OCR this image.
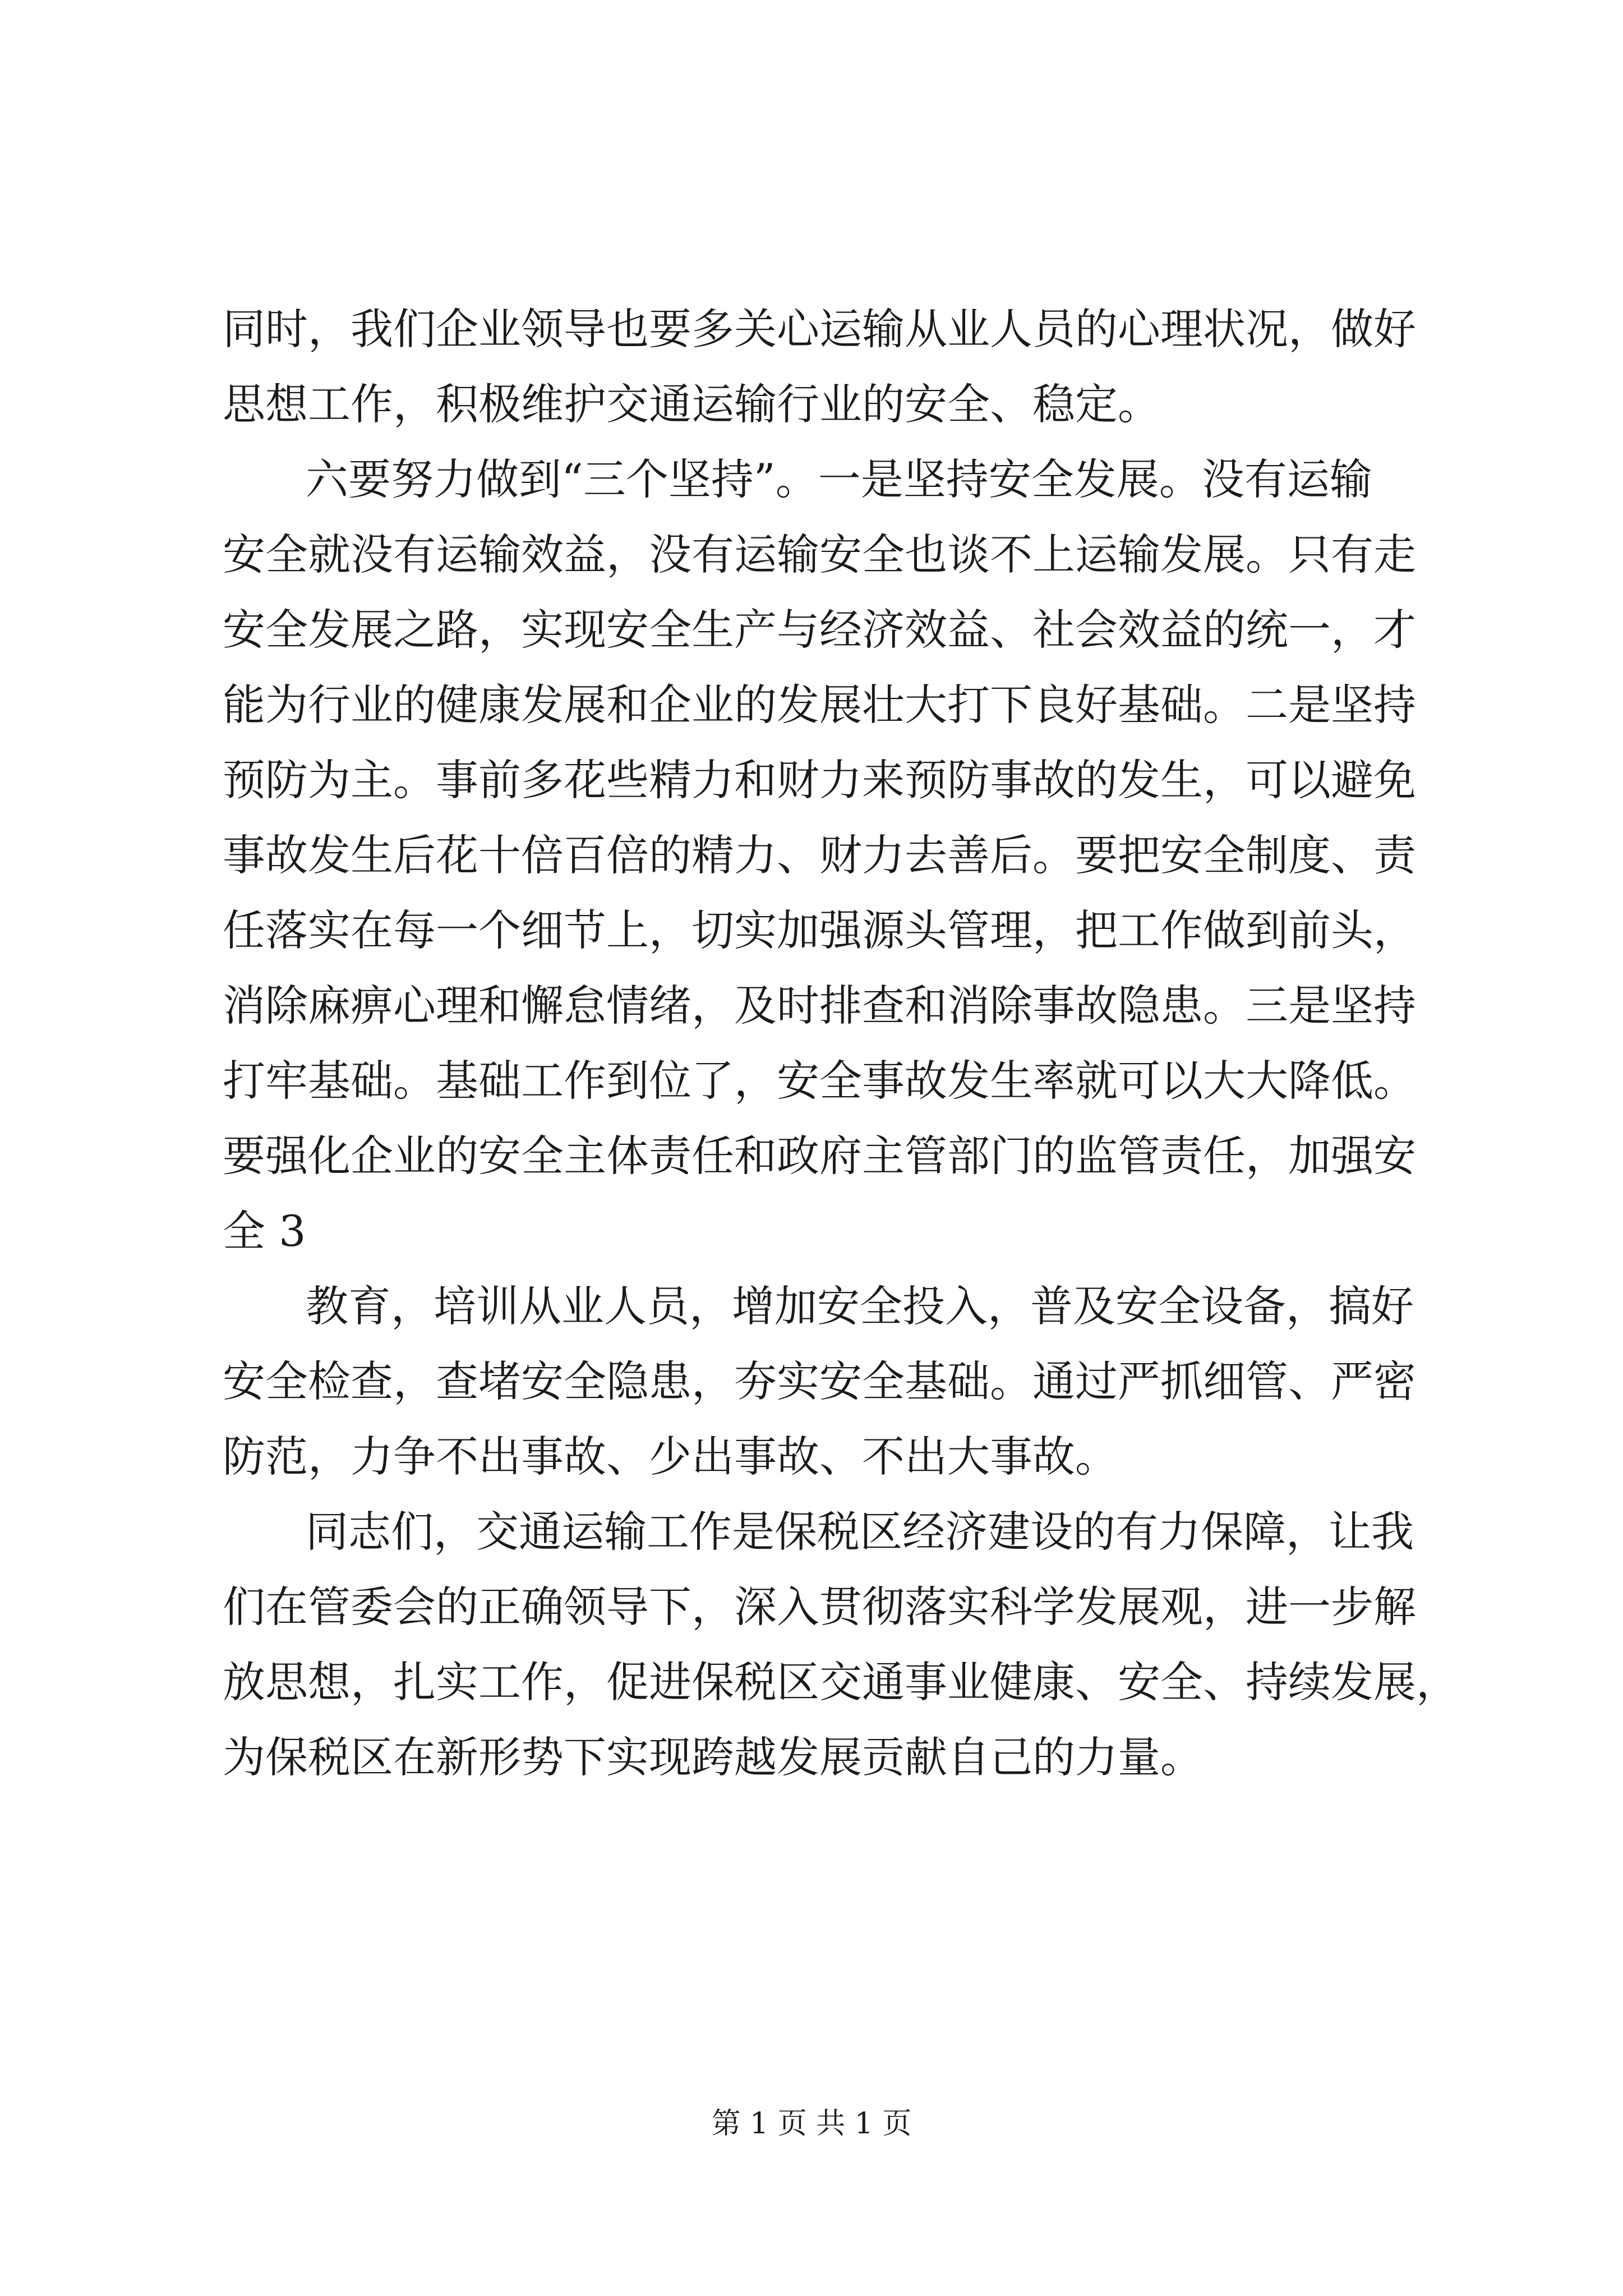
同时，我们企业领导也要多关心运输从业人员的心理状况，做好
思想工作，积极维护交通运输行业的安全、稳定。
六要努力做到“三个坚持”。一是坚持安全发展。没有运输
安全就没有运输效益，没有运输安全也谈不上运输发展。只有走
安全发展之路，实现安全生产与经济效益、社会效益的统一，才
能为行业的健康发展和企业的发展壮大打下良好基础。二是坚持
预防为主。事前多花些精力和财力来预防事故的发生，可以避免
事故发生后花十倍百倍的精力、财力去善后。要把安全制度、责
任落实在每一个细节上，切实加强源头管理，把工作做到前头，
消除麻痹心理和懈怠情绪，及时排查和消除事故隐患。三是坚持
打牢基础。基础工作到位了，安全事故发生率就可以大大降低。
要强化企业的安全主体责任和政府主管部门的监管责任，加强安
全 3
教育，培训从业人员，增加安全投入，普及安全设备，搞好
安全检查，查堵安全隐患，夯实安全基础。通过严抓细管、严密
防范，力争不出事故、少出事故、不出大事故。
同志们，交通运输工作是保税区经济建设的有力保障，让我
们在管委会的正确领导下，深入贯彻落实科学发展观，进一步解
放思想，扎实工作，促进保税区交通事业健康、安全、持续发展，
为保税区在新形势下实现跨越发展贡献自己的力量。
第 1 页 共 1 页
